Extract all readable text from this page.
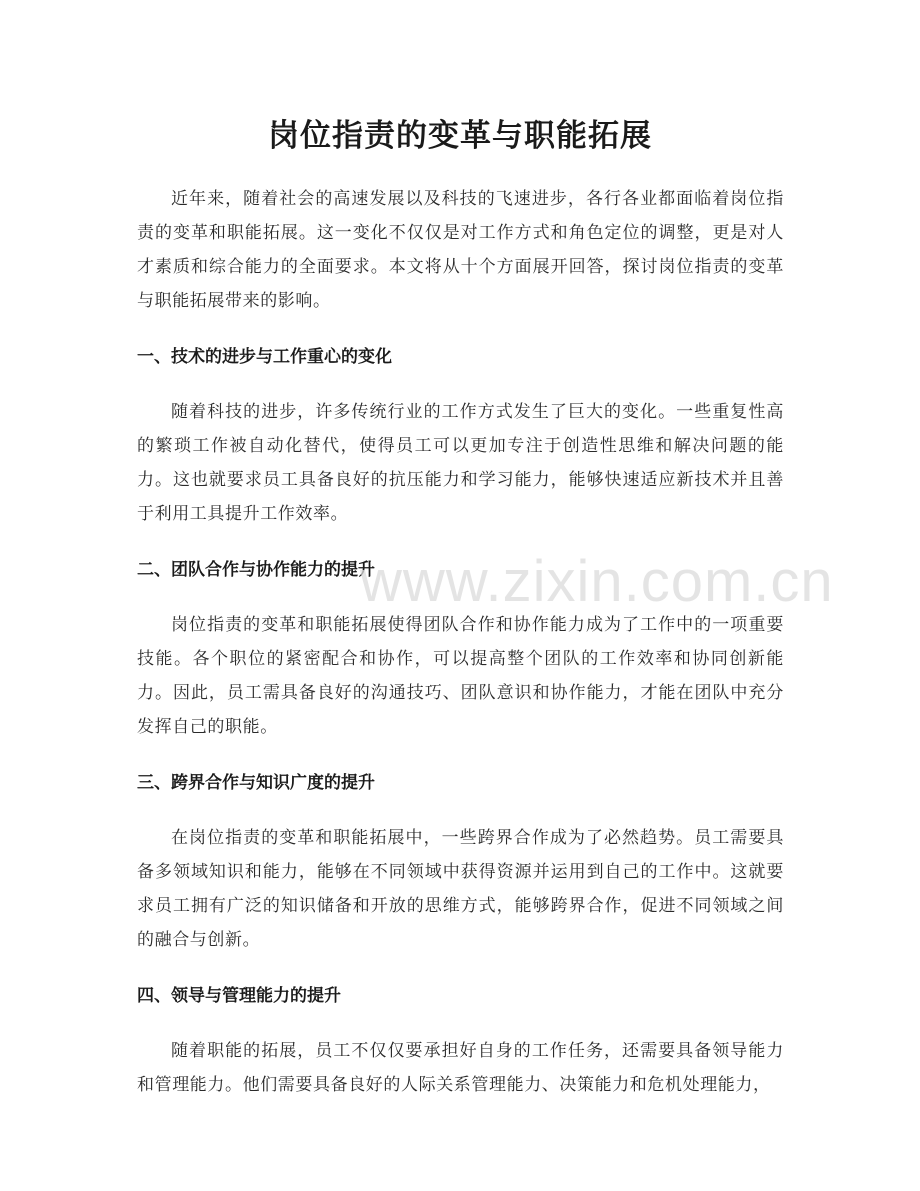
岗位指责的变革与职能拓展

近年来，随着社会的高速发展以及科技的飞速进步，各行各业都面临着岗位指责的变革和职能拓展。这一变化不仅仅是对工作方式和角色定位的调整，更是对人才素质和综合能力的全面要求。本文将从十个方面展开回答，探讨岗位指责的变革与职能拓展带来的影响。

一、技术的进步与工作重心的变化

随着科技的进步，许多传统行业的工作方式发生了巨大的变化。一些重复性高的繁琐工作被自动化替代，使得员工可以更加专注于创造性思维和解决问题的能力。这也就要求员工具备良好的抗压能力和学习能力，能够快速适应新技术并且善于利用工具提升工作效率。

二、团队合作与协作能力的提升

岗位指责的变革和职能拓展使得团队合作和协作能力成为了工作中的一项重要技能。各个职位的紧密配合和协作，可以提高整个团队的工作效率和协同创新能力。因此，员工需具备良好的沟通技巧、团队意识和协作能力，才能在团队中充分发挥自己的职能。

三、跨界合作与知识广度的提升

在岗位指责的变革和职能拓展中，一些跨界合作成为了必然趋势。员工需要具备多领域知识和能力，能够在不同领域中获得资源并运用到自己的工作中。这就要求员工拥有广泛的知识储备和开放的思维方式，能够跨界合作，促进不同领域之间的融合与创新。

四、领导与管理能力的提升

随着职能的拓展，员工不仅仅要承担好自身的工作任务，还需要具备领导能力和管理能力。他们需要具备良好的人际关系管理能力、决策能力和危机处理能力，

www.zixin.com.cn
